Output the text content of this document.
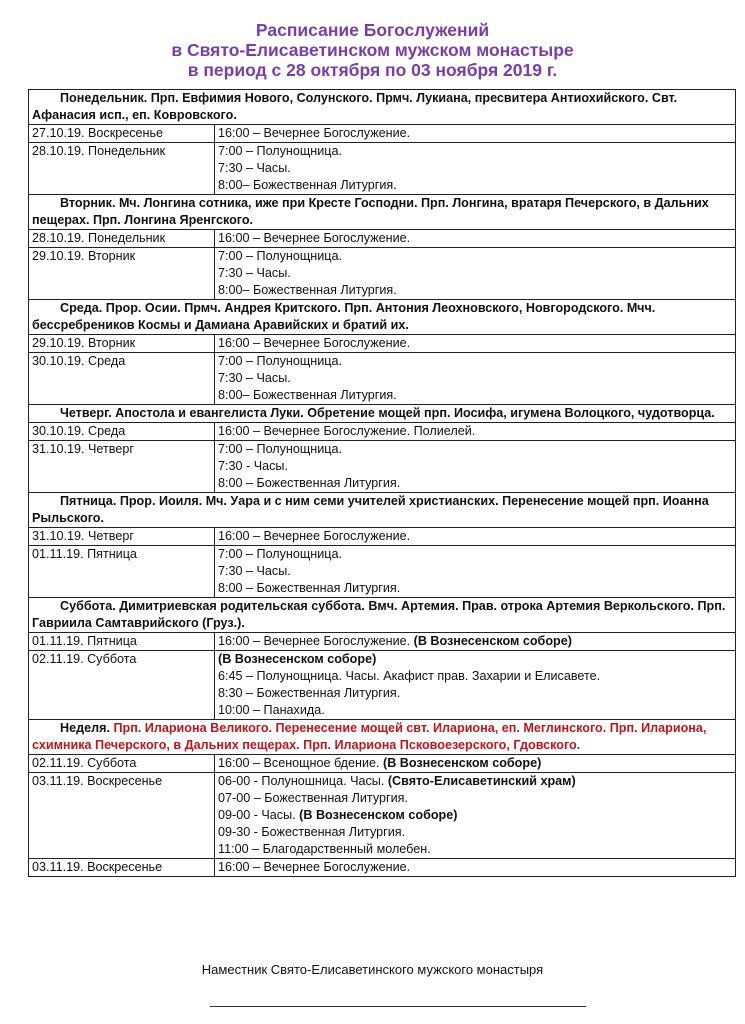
Расписание Богослужений
в Свято-Елисаветинском мужском монастыре
в период с 28 октября по 03 ноября 2019 г.
Понедельник. Прп. Евфимия Нового, Солунского. Прмч. Лукиана, пресвитера Антиохийского. Свт. Афанасия исп., еп. Ковровского.	
27.10.19. Воскресенье	16:00 – Вечернее Богослужение.

28.10.19. Понедельник	7:00 – Полунощница.
7:30 – Часы.
8:00– Божественная Литургия.

Вторник. Мч. Лонгина сотника, иже при Кресте Господни. Прп. Лонгина, вратаря Печерского, в Дальних пещерах. Прп. Лонгина Яренгского.	
28.10.19. Понедельник	16:00 – Вечернее Богослужение.

29.10.19. Вторник	7:00 – Полунощница.
7:30 – Часы.
8:00– Божественная Литургия.

Среда. Прор. Осии. Прмч. Андрея Критского. Прп. Антония Леохновского, Новгородского. Мчч. бессребреников Космы и Дамиана Аравийских и братий их.	
29.10.19. Вторник	16:00 – Вечернее Богослужение.

30.10.19. Среда	7:00 – Полунощница.
7:30 – Часы.
8:00– Божественная Литургия.

Четверг. Апостола и евангелиста Луки. Обретение мощей прп. Иосифа, игумена Волоцкого, чудотворца.	
30.10.19. Среда	16:00 – Вечернее Богослужение. Полиелей.

31.10.19. Четверг	7:00 – Полунощница.
7:30 - Часы.
8:00 – Божественная Литургия.

Пятница. Прор. Иоиля. Мч. Уара и с ним семи учителей христианских. Перенесение мощей прп. Иоанна Рыльского.	
31.10.19. Четверг	16:00 – Вечернее Богослужение.

01.11.19. Пятница	7:00 – Полунощница.
7:30 – Часы.
8:00 – Божественная Литургия.

Суббота. Димитриевская родительская суббота. Вмч. Артемия. Прав. отрока Артемия Веркольского. Прп. Гавриила Самтаврийского (Груз.).	
01.11.19. Пятница	16:00 – Вечернее Богослужение. (В Вознесенском соборе)

02.11.19. Суббота	(В Вознесенском соборе)
6:45 – Полунощница. Часы. Акафист прав. Захарии и Елисавете.
8:30 – Божественная Литургия.
10:00 – Панахида.

Неделя. Прп. Илариона Великого. Перенесение мощей свт. Илариона, еп. Меглинского. Прп. Илариона, схимника Печерского, в Дальних пещерах. Прп. Илариона Псковоезерского, Гдовского.	
02.11.19. Суббота	16:00 – Всенощное бдение. (В Вознесенском соборе)

03.11.19. Воскресенье	06-00 - Полуношница. Часы. (Свято-Елисаветинский храм)
07-00 – Божественная Литургия.
09-00 - Часы. (В Вознесенском соборе)
09-30 - Божественная Литургия.
11:00 – Благодарственный молебен.

03.11.19. Воскресенье	16:00 – Вечернее Богослужение.
Наместник Свято-Елисаветинского мужского монастыря
